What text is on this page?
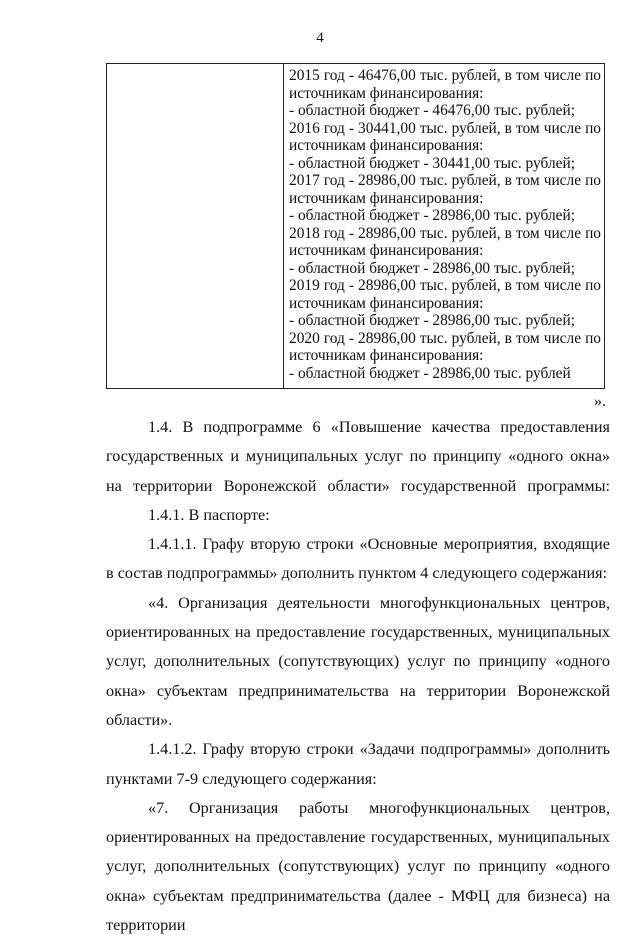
4

2015 год - 46476,00 тыс. рублей, в том числе по

источникам финансирования:

- областной бюджет - 46476,00 тыс. рублей;

2016 год - 30441,00 тыс. рублей, в том числе по

источникам финансирования:

- областной бюджет - 30441,00 тыс. рублей;

2017 год - 28986,00 тыс. рублей, в том числе по

источникам финансирования:

- областной бюджет - 28986,00 тыс. рублей;

2018 год - 28986,00 тыс. рублей, в том числе по

источникам финансирования:

- областной бюджет - 28986,00 тыс. рублей;

2019 год - 28986,00 тыс. рублей, в том числе по

источникам финансирования:

- областной бюджет - 28986,00 тыс. рублей;

2020 год - 28986,00 тыс. рублей, в том числе по

источникам финансирования:

- областной бюджет - 28986,00 тыс. рублей

».

1.4. В подпрограмме 6 «Повышение качества предоставления государственных и муниципальных услуг по принципу «одного окна» на территории Воронежской области» государственной программы:

1.4.1. В паспорте:

1.4.1.1. Графу вторую строки «Основные мероприятия, входящие в состав подпрограммы» дополнить пунктом 4 следующего содержания:

«4. Организация деятельности многофункциональных центров, ориентированных на предоставление государственных, муниципальных услуг, дополнительных (сопутствующих) услуг по принципу «одного окна» субъектам предпринимательства на территории Воронежской области».

1.4.1.2. Графу вторую строки «Задачи подпрограммы» дополнить пунктами 7-9 следующего содержания:

«7. Организация работы многофункциональных центров, ориентированных на предоставление государственных, муниципальных услуг, дополнительных (сопутствующих) услуг по принципу «одного окна» субъектам предпринимательства (далее - МФЦ для бизнеса) на территории
